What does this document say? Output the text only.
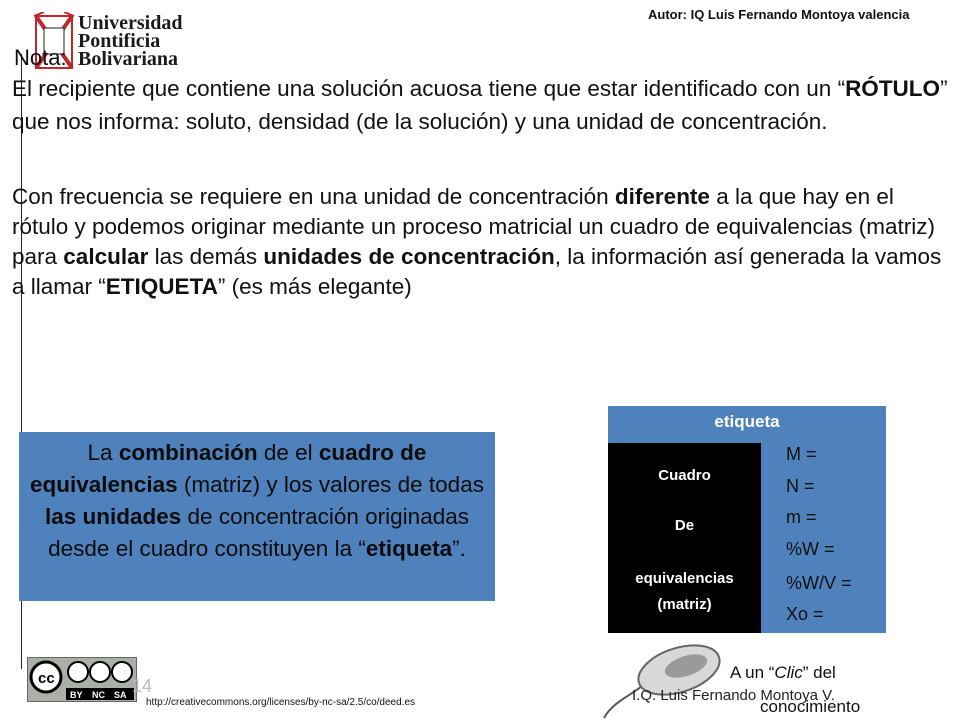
Autor: IQ Luis Fernando Montoya valencia
Universidad
Pontificia
Bolivariana
Nota:
El recipiente que contiene una solución acuosa tiene que estar identificado con un “RÓTULO” que nos informa: soluto, densidad (de la solución) y una unidad de concentración.
Con frecuencia se requiere en una unidad de concentración diferente a la que hay en el rótulo y podemos originar mediante un proceso matricial un cuadro de equivalencias (matriz) para calcular las demás unidades de concentración, la información así generada la vamos a llamar “ETIQUETA” (es más elegante)
La combinación de el cuadro de equivalencias (matriz) y los valores de todas las unidades de concentración originadas desde el cuadro constituyen la “etiqueta”.
etiqueta
Cuadro
De
equivalencias
(matriz)
M =
N =
m =
%W =
%W/V =
Xo =
cc
BY NC SA 14
http://creativecommons.org/licenses/by-nc-sa/2.5/co/deed.es
A un “Clic” del
I.Q. Luis Fernando Montoya V.
conocimiento
